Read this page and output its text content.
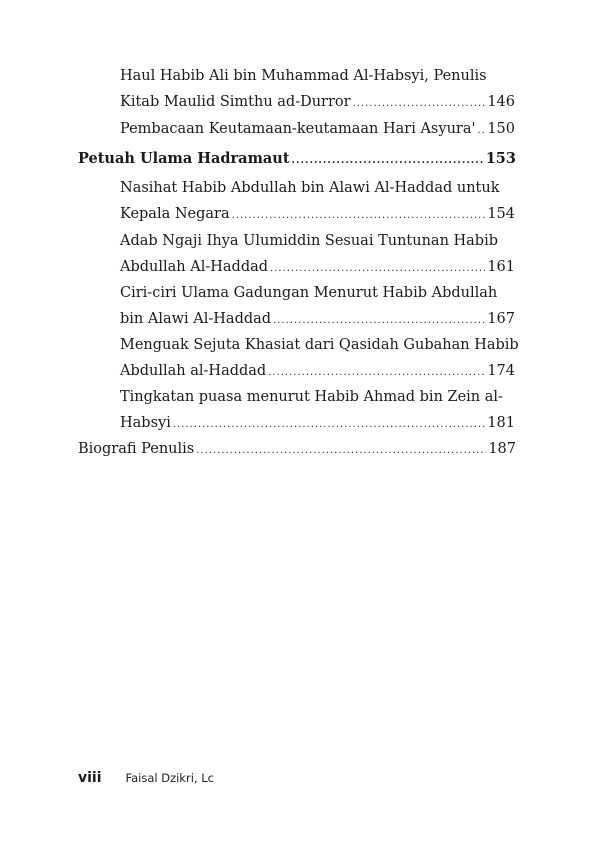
Haul Habib Ali bin Muhammad Al-Habsyi, Penulis
Kitab Maulid Simthu ad-Durror .....	146
Pembacaan Keutamaan-keutamaan Hari Asyura' ..... 150
Petuah Ulama Hadramaut .....	153
Nasihat Habib Abdullah bin Alawi Al-Haddad untuk
Kepala Negara .....	154
Adab Ngaji Ihya Ulumiddin Sesuai Tuntunan Habib
Abdullah Al-Haddad .....	161
Ciri-ciri Ulama Gadungan Menurut Habib Abdullah
bin Alawi Al-Haddad .....	167
Menguak Sejuta Khasiat dari Qasidah Gubahan Habib
Abdullah al-Haddad .....	174
Tingkatan puasa menurut Habib Ahmad bin Zein al-
Habsyi .....	181
Biografi Penulis .....	187
viii Faisal Dzikri, Lc
